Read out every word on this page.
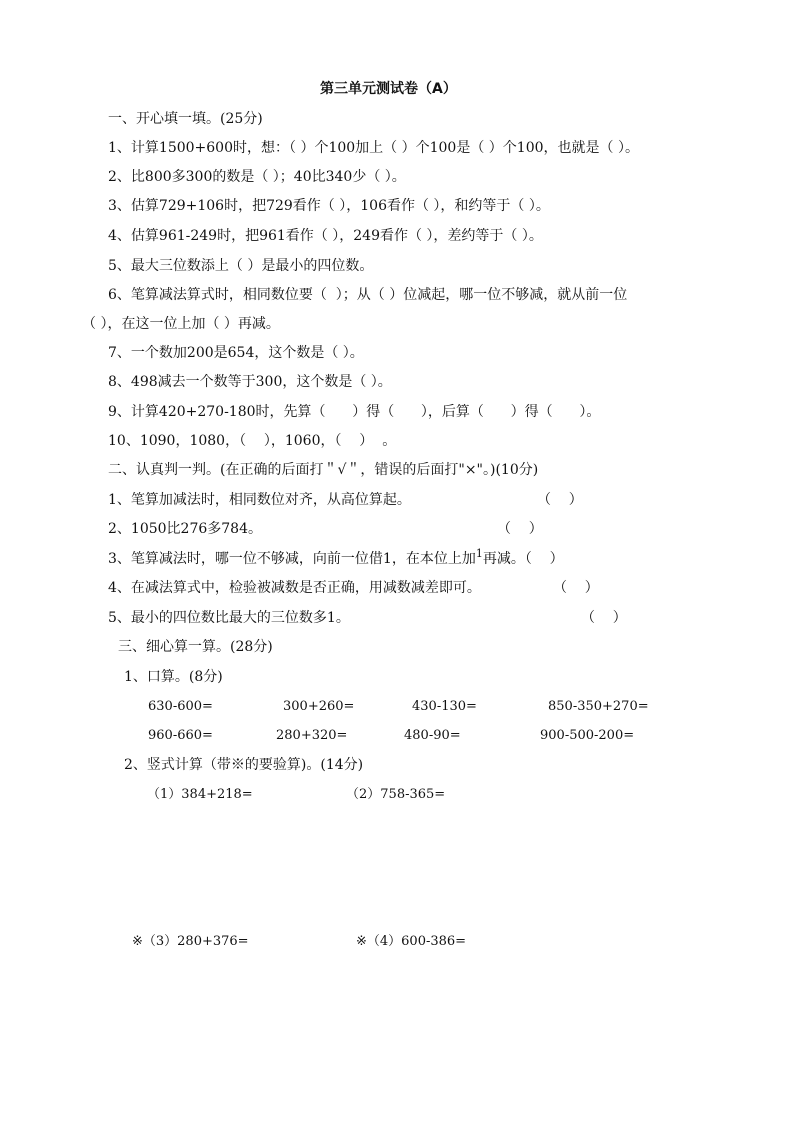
第三单元测试卷（A）
一、开心填一填。(25分)
1、计算1500+600时，想：（ ）个100加上（ ）个100是（ ）个100，也就是（ ）。
2、比800多300的数是（ ）；40比340少（ ）。
3、估算729+106时，把729看作（ ），106看作（ ），和约等于（ ）。
4、估算961-249时，把961看作（ ），249看作（ ），差约等于（ ）。
5、最大三位数添上（ ）是最小的四位数。
6、笔算减法算式时，相同数位要（  ）；从（ ）位减起，哪一位不够减，就从前一位
（ ），在这一位上加（ ）再减。
7、一个数加200是654，这个数是（ ）。
8、498减去一个数等于300，这个数是（ ）。
9、计算420+270-180时，先算（      ）得（      ），后算（      ）得（      ）。
10、1090，1080，（    ），1060，（    ）  。
二、认真判一判。(在正确的后面打＂√＂，错误的后面打"×"。)(10分)
1、笔算加减法时，相同数位对齐，从高位算起。	（    ）
2、1050比276多784。	（    ）
3、笔算减法时，哪一位不够减，向前一位借1，在本位上加$^1$再减。（    ）
4、在减法算式中，检验被减数是否正确，用减数减差即可。	（    ）
5、最小的四位数比最大的三位数多1。	（    ）
三、细心算一算。(28分)
1、口算。(8分)
630-600=	300+260=	430-130=	850-350+270=
960-660=	280+320=	480-90=	900-500-200=
2、竖式计算（带※的要验算)。(14分)
（1）384+218=	（2）758-365=
※（3）280+376=	※（4）600-386=
